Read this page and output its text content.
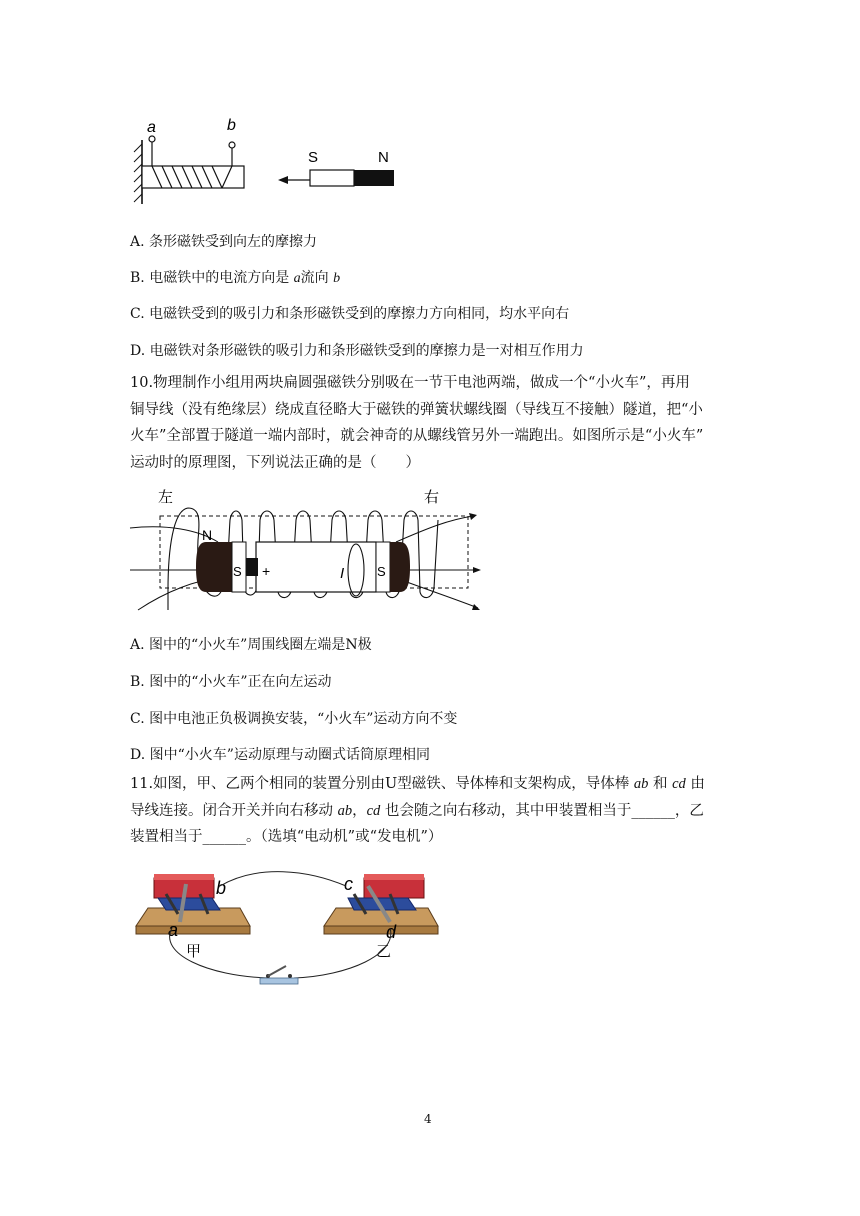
a	b
S	N
A. 条形磁铁受到向左的摩擦力
B. 电磁铁中的电流方向是 a流向 b
C. 电磁铁受到的吸引力和条形磁铁受到的摩擦力方向相同，均水平向右
D. 电磁铁对条形磁铁的吸引力和条形磁铁受到的摩擦力是一对相互作用力

10.物理制作小组用两块扁圆强磁铁分别吸在一节干电池两端，做成一个“小火车”，再用

铜导线（没有绝缘层）绕成直径略大于磁铁的弹簧状螺线圈（导线互不接触）隧道，把“小

火车”全部置于隧道一端内部时，就会神奇的从螺线管另外一端跑出。如图所示是“小火车”

运动时的原理图，下列说法正确的是（　　）

左	右
N
S +	I	S
A. 图中的“小火车”周围线圈左端是N极
B. 图中的“小火车”正在向左运动
C. 图中电池正负极调换安装，“小火车”运动方向不变
D. 图中“小火车”运动原理与动圈式话筒原理相同

11.如图，甲、乙两个相同的装置分别由U型磁铁、导体棒和支架构成，导体棒 ab 和 cd 由

导线连接。闭合开关并向右移动 ab，cd 也会随之向右移动，其中甲装置相当于______，乙

装置相当于______。（选填“电动机”或“发电机”）

b
a
甲
c
d
乙
4
